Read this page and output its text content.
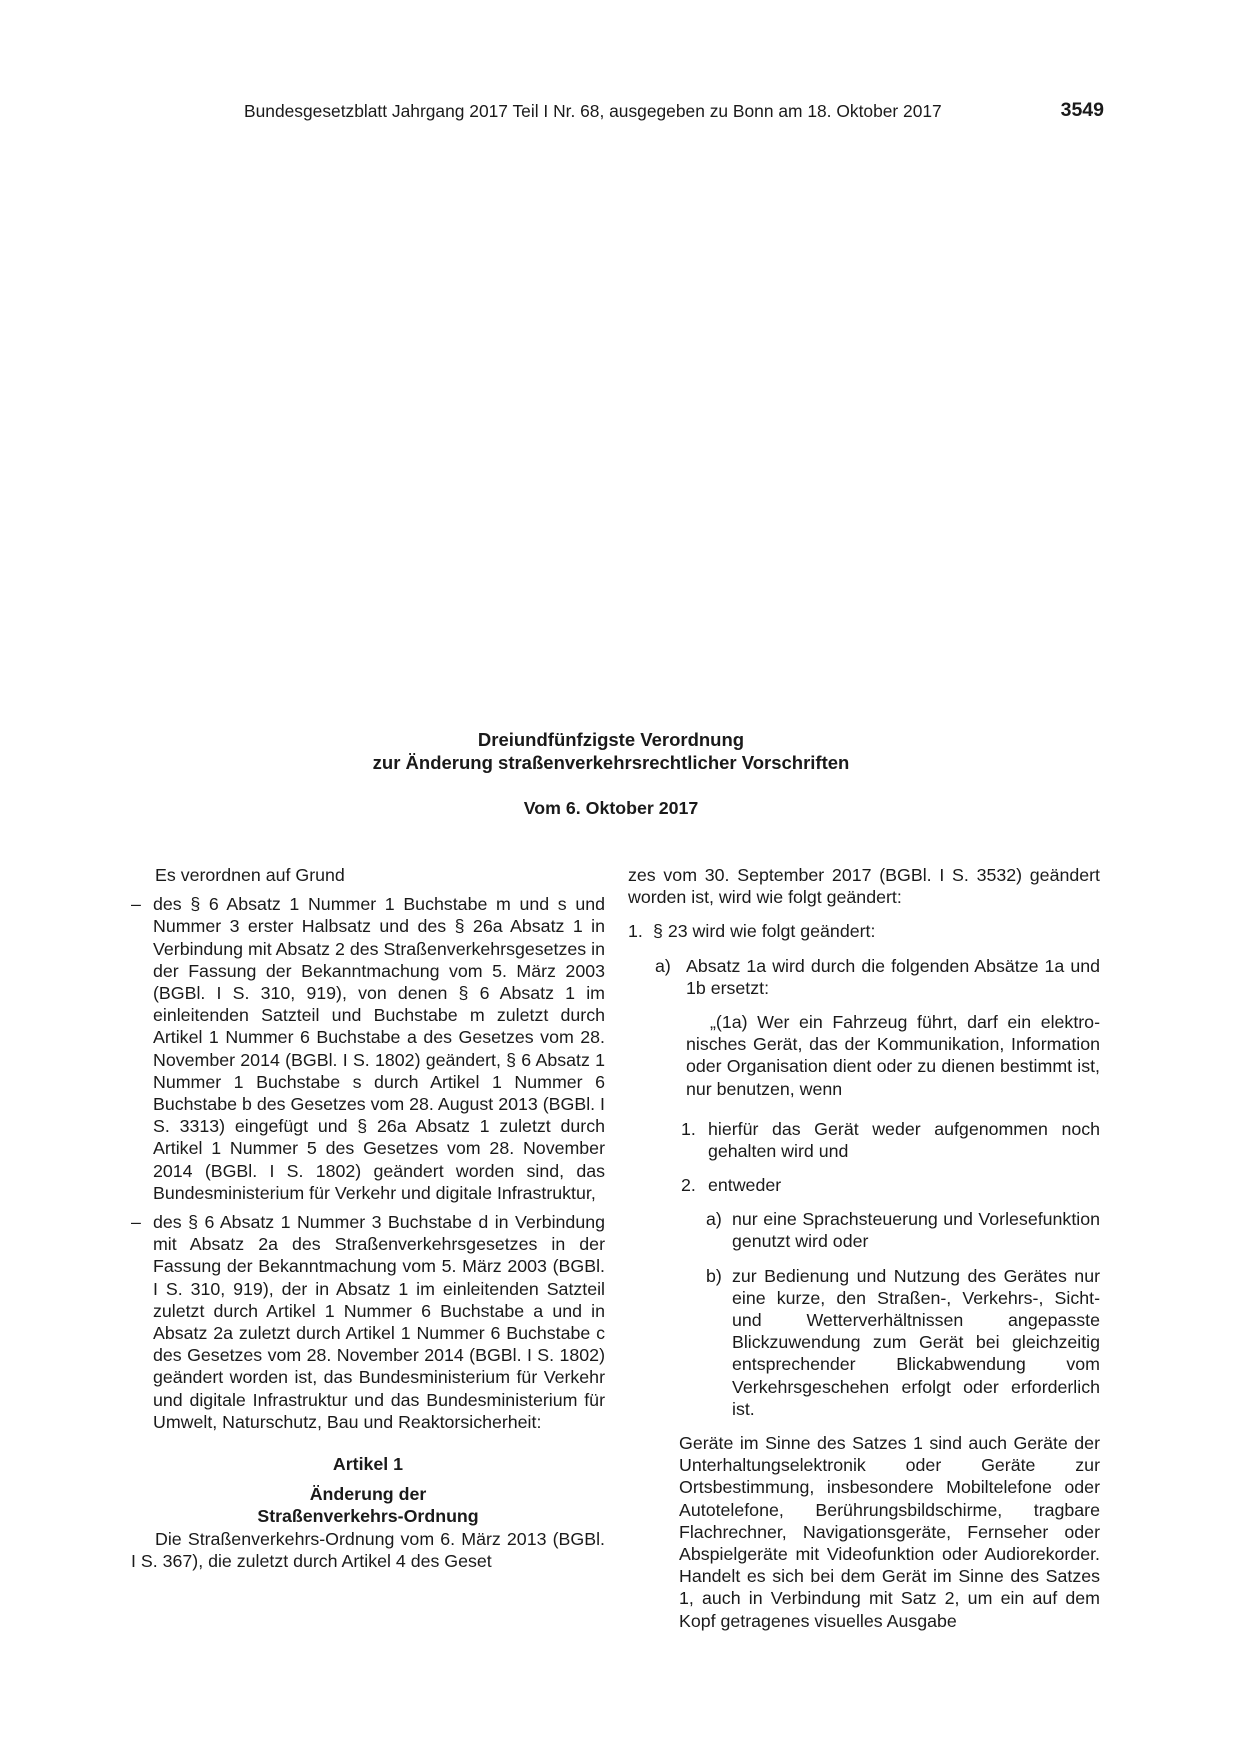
Bundesgesetzblatt Jahrgang 2017 Teil I Nr. 68, ausgegeben zu Bonn am 18. Oktober 2017	3549
Dreiundfünfzigste Verordnung
zur Änderung straßenverkehrsrechtlicher Vorschriften
Vom 6. Oktober 2017

Es verordnen auf Grund

– des § 6 Absatz 1 Nummer 1 Buchstabe m und s und Nummer 3 erster Halbsatz und des § 26a Absatz 1 in Verbindung mit Absatz 2 des Straßenverkehrsgesetzes in der Fassung der Bekanntmachung vom 5. März 2003 (BGBl. I S. 310, 919), von denen § 6 Absatz 1 im einleitenden Satzteil und Buchstabe m zuletzt durch Artikel 1 Nummer 6 Buchstabe a des Gesetzes vom 28. November 2014 (BGBl. I S. 1802) geändert, § 6 Absatz 1 Nummer 1 Buchstabe s durch Artikel 1 Nummer 6 Buchstabe b des Gesetzes vom 28. August 2013 (BGBl. I S. 3313) eingefügt und § 26a Absatz 1 zuletzt durch Artikel 1 Nummer 5 des Gesetzes vom 28. November 2014 (BGBl. I S. 1802) geändert worden sind, das Bundesministerium für Verkehr und digitale Infrastruktur,
– des § 6 Absatz 1 Nummer 3 Buchstabe d in Verbindung mit Absatz 2a des Straßenverkehrsgesetzes in der Fassung der Bekanntmachung vom 5. März 2003 (BGBl. I S. 310, 919), der in Absatz 1 im einleitenden Satzteil zuletzt durch Artikel 1 Nummer 6 Buchstabe a und in Absatz 2a zuletzt durch Artikel 1 Nummer 6 Buchstabe c des Gesetzes vom 28. November 2014 (BGBl. I S. 1802) geändert worden ist, das Bundesministerium für Verkehr und digitale Infrastruktur und das Bundesministerium für Umwelt, Naturschutz, Bau und Reaktorsicherheit:
Artikel 1
Änderung der
Straßenverkehrs-Ordnung

Die Straßenverkehrs-Ordnung vom 6. März 2013 (BGBl. I S. 367), die zuletzt durch Artikel 4 des Geset

zes vom 30. September 2017 (BGBl. I S. 3532) geändert worden ist, wird wie folgt geändert:

1. § 23 wird wie folgt geändert:
a) Absatz 1a wird durch die folgenden Absätze 1a und 1b ersetzt:

„(1a) Wer ein Fahrzeug führt, darf ein elektronisches Gerät, das der Kommunikation, Information oder Organisation dient oder zu dienen bestimmt ist, nur benutzen, wenn

1. hierfür das Gerät weder aufgenommen noch gehalten wird und
2. entweder
a) nur eine Sprachsteuerung und Vorlesefunktion genutzt wird oder
b) zur Bedienung und Nutzung des Gerätes nur eine kurze, den Straßen-, Verkehrs-, Sicht- und Wetterverhältnissen angepasste Blickzuwendung zum Gerät bei gleichzeitig entsprechender Blickabwendung vom Verkehrsgeschehen erfolgt oder erforderlich ist.

Geräte im Sinne des Satzes 1 sind auch Geräte der Unterhaltungselektronik oder Geräte zur Ortsbestimmung, insbesondere Mobiltelefone oder Autotelefone, Berührungsbildschirme, tragbare Flachrechner, Navigationsgeräte, Fernseher oder Abspielgeräte mit Videofunktion oder Audiorekorder. Handelt es sich bei dem Gerät im Sinne des Satzes 1, auch in Verbindung mit Satz 2, um ein auf dem Kopf getragenes visuelles Ausgabe
